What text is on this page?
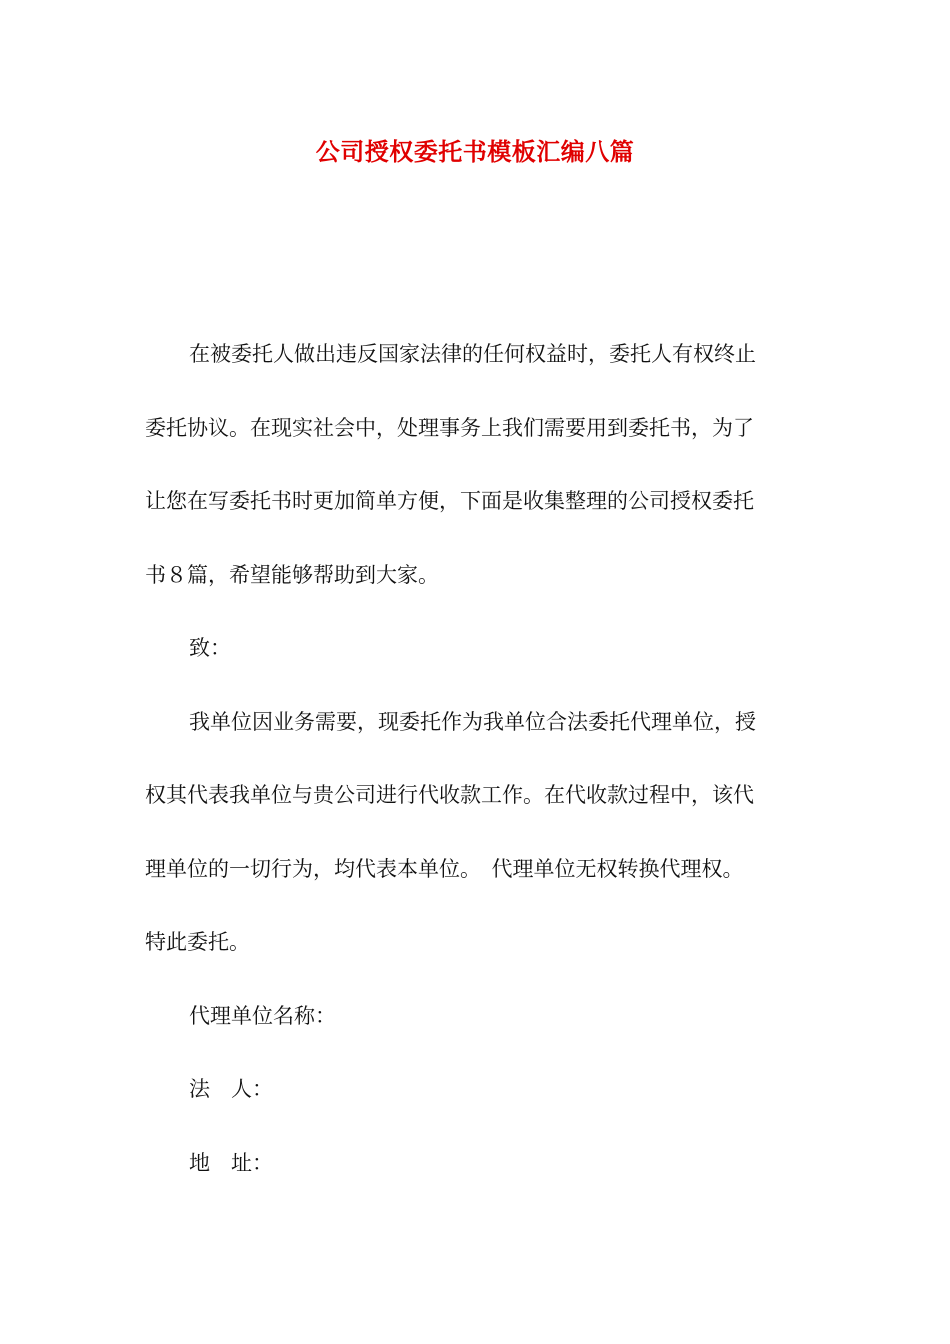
公司授权委托书模板汇编八篇
在被委托人做出违反国家法律的任何权益时，委托人有权终止
委托协议。在现实社会中，处理事务上我们需要用到委托书，为了
让您在写委托书时更加简单方便，下面是收集整理的公司授权委托
书８篇，希望能够帮助到大家。
致：
我单位因业务需要，现委托作为我单位合法委托代理单位，授
权其代表我单位与贵公司进行代收款工作。在代收款过程中，该代
理单位的一切行为，均代表本单位。　代理单位无权转换代理权。
特此委托。
代理单位名称：
法　人：
地　址：
